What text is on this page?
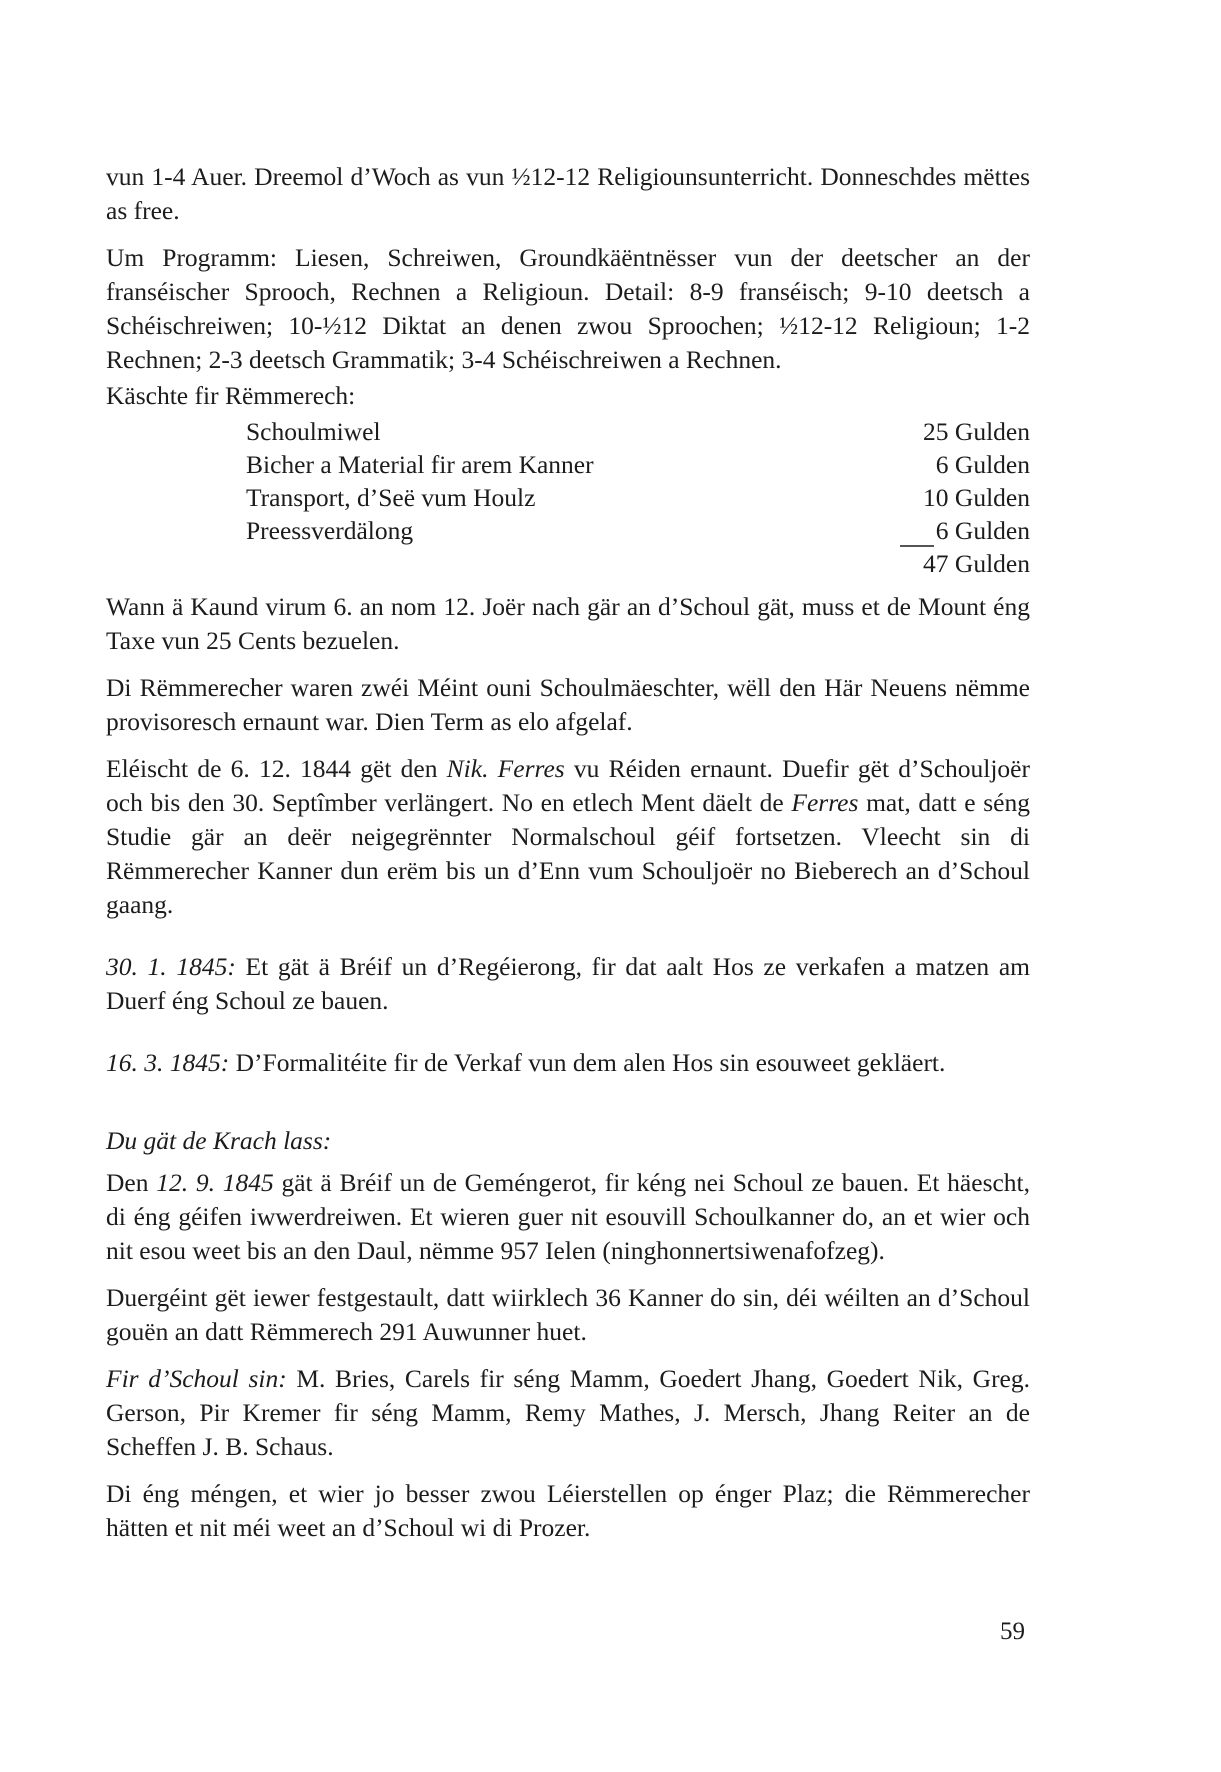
vun 1-4 Auer. Dreemol d’Woch as vun ½12-12 Religiounsunterricht. Donneschdes mëttes as free.

Um Programm: Liesen, Schreiwen, Groundkäëntnësser vun der deetscher an der franséischer Sprooch, Rechnen a Religioun. Detail: 8-9 franséisch; 9-10 deetsch a Schéischreiwen; 10-½12 Diktat an denen zwou Sproochen; ½12-12 Religioun; 1-2 Rechnen; 2-3 deetsch Grammatik; 3-4 Schéischreiwen a Rechnen.

Käschte fir Rëmmerech:

Schoulmiwel	25 Gulden
Bicher a Material fir arem Kanner	6 Gulden
Transport, d’Seë vum Houlz	10 Gulden
Preessverdälong	6 Gulden
47 Gulden

Wann ä Kaund virum 6. an nom 12. Joër nach gär an d’Schoul gät, muss et de Mount éng Taxe vun 25 Cents bezuelen.

Di Rëmmerecher waren zwéi Méint ouni Schoulmäeschter, wëll den Här Neuens nëmme provisoresch ernaunt war. Dien Term as elo afgelaf.

Eléischt de 6. 12. 1844 gët den Nik. Ferres vu Réiden ernaunt. Duefir gët d’Schouljoër och bis den 30. Septîmber verlängert. No en etlech Ment däelt de Ferres mat, datt e séng Studie gär an deër neigegrënnter Normalschoul géif fortsetzen. Vleecht sin di Rëmmerecher Kanner dun erëm bis un d’Enn vum Schouljoër no Bieberech an d’Schoul gaang.

30. 1. 1845: Et gät ä Bréif un d’Regéierong, fir dat aalt Hos ze verkafen a matzen am Duerf éng Schoul ze bauen.

16. 3. 1845: D’Formalitéite fir de Verkaf vun dem alen Hos sin esouweet gekläert.

Du gät de Krach lass:

Den 12. 9. 1845 gät ä Bréif un de Geméngerot, fir kéng nei Schoul ze bauen. Et häescht, di éng géifen iwwerdreiwen. Et wieren guer nit esouvill Schoulkanner do, an et wier och nit esou weet bis an den Daul, nëmme 957 Ielen (ninghonnertsiwenafofzeg).

Duergéint gët iewer festgestault, datt wiirklech 36 Kanner do sin, déi wéilten an d’Schoul gouën an datt Rëmmerech 291 Auwunner huet.

Fir d’Schoul sin: M. Bries, Carels fir séng Mamm, Goedert Jhang, Goedert Nik, Greg. Gerson, Pir Kremer fir séng Mamm, Remy Mathes, J. Mersch, Jhang Reiter an de Scheffen J. B. Schaus.

Di éng méngen, et wier jo besser zwou Léierstellen op énger Plaz; die Rëmmerecher hätten et nit méi weet an d’Schoul wi di Prozer.

59
